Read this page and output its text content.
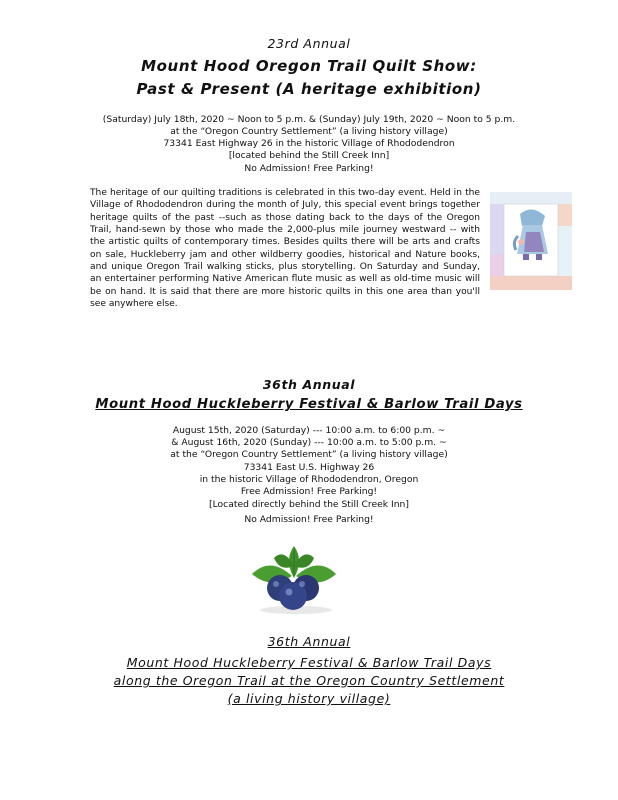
23rd Annual
Mount Hood Oregon Trail Quilt Show:
Past & Present (A heritage exhibition)
(Saturday) July 18th, 2020 ~ Noon to 5 p.m. & (Sunday) July 19th, 2020 ~ Noon to 5 p.m.
at the “Oregon Country Settlement” (a living history village)
73341 East Highway 26 in the historic Village of Rhododendron
[located behind the Still Creek Inn]
No Admission! Free Parking!
The heritage of our quilting traditions is celebrated in this two-day event. Held in the Village of Rhododendron during the month of July, this special event brings together heritage quilts of the past --such as those dating back to the days of the Oregon Trail, hand-sewn by those who made the 2,000-plus mile journey westward -- with the artistic quilts of contemporary times. Besides quilts there will be arts and crafts on sale, Huckleberry jam and other wildberry goodies, historical and Nature books, and unique Oregon Trail walking sticks, plus storytelling. On Saturday and Sunday, an entertainer performing Native American flute music as well as old-time music will be on hand. It is said that there are more historic quilts in this one area than you'll see anywhere else.
36th Annual
Mount Hood Huckleberry Festival & Barlow Trail Days
August 15th, 2020 (Saturday) --- 10:00 a.m. to 6:00 p.m. ~
& August 16th, 2020 (Sunday) --- 10:00 a.m. to 5:00 p.m. ~
at the “Oregon Country Settlement” (a living history village)
73341 East U.S. Highway 26
in the historic Village of Rhododendron, Oregon
Free Admission! Free Parking!
[Located directly behind the Still Creek Inn]
No Admission! Free Parking!
36th Annual
Mount Hood Huckleberry Festival & Barlow Trail Days
along the Oregon Trail at the Oregon Country Settlement
(a living history village)
